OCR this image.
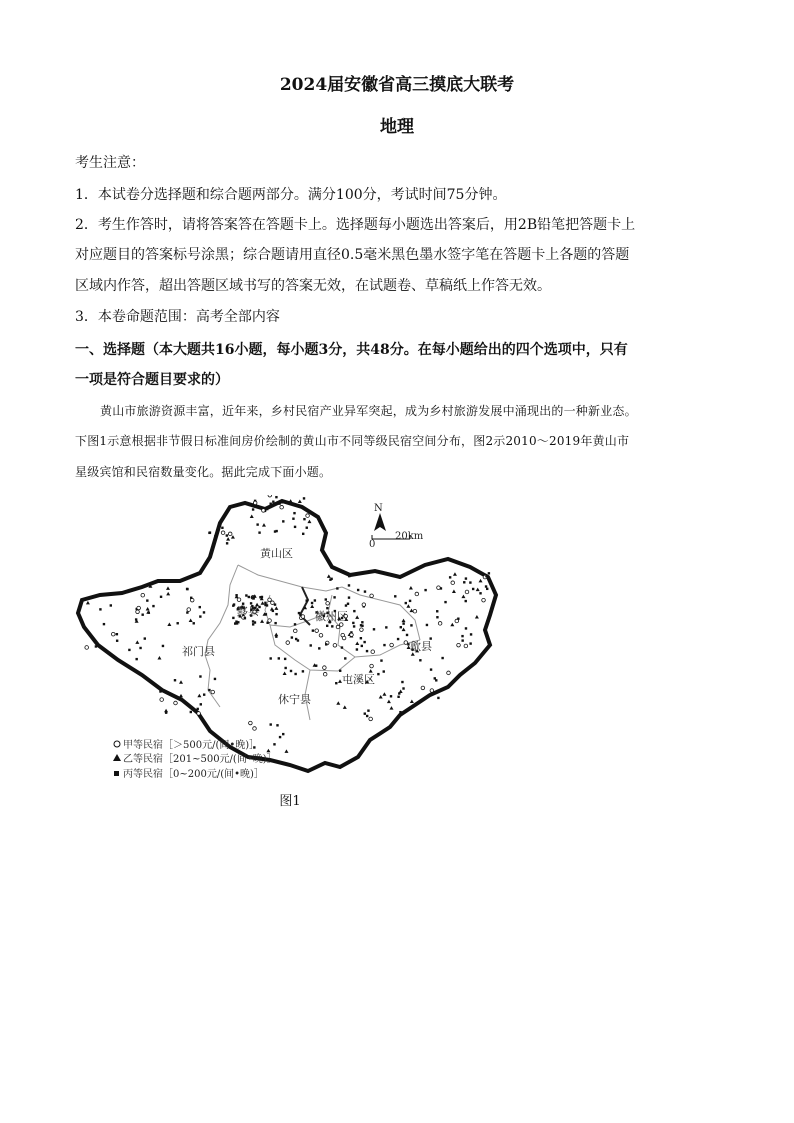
2024届安徽省高三摸底大联考
地理
考生注意：
1．本试卷分选择题和综合题两部分。满分100分，考试时间75分钟。
2．考生作答时，请将答案答在答题卡上。选择题每小题选出答案后，用2B铅笔把答题卡上
对应题目的答案标号涂黑；综合题请用直径0.5毫米黑色墨水签字笔在答题卡上各题的答题
区域内作答，超出答题区域书写的答案无效，在试题卷、草稿纸上作答无效。
3．本卷命题范围：高考全部内容
一、选择题（本大题共16小题，每小题3分，共48分。在每小题给出的四个选项中，只有
一项是符合题目要求的）
黄山市旅游资源丰富，近年来，乡村民宿产业异军突起，成为乡村旅游发展中涌现出的一种新业态。
下图1示意根据非节假日标准间房价绘制的黄山市不同等级民宿空间分布，图2示2010～2019年黄山市
星级宾馆和民宿数量变化。据此完成下面小题。
黄山区
黟县	徽州区
祁门县	歙县
屯溪区
休宁县
N
0
20km
甲等民宿［＞500元/(间•晚)］
乙等民宿［201~500元/(间•晚)］
丙等民宿［0~200元/(间•晚)］
图1
